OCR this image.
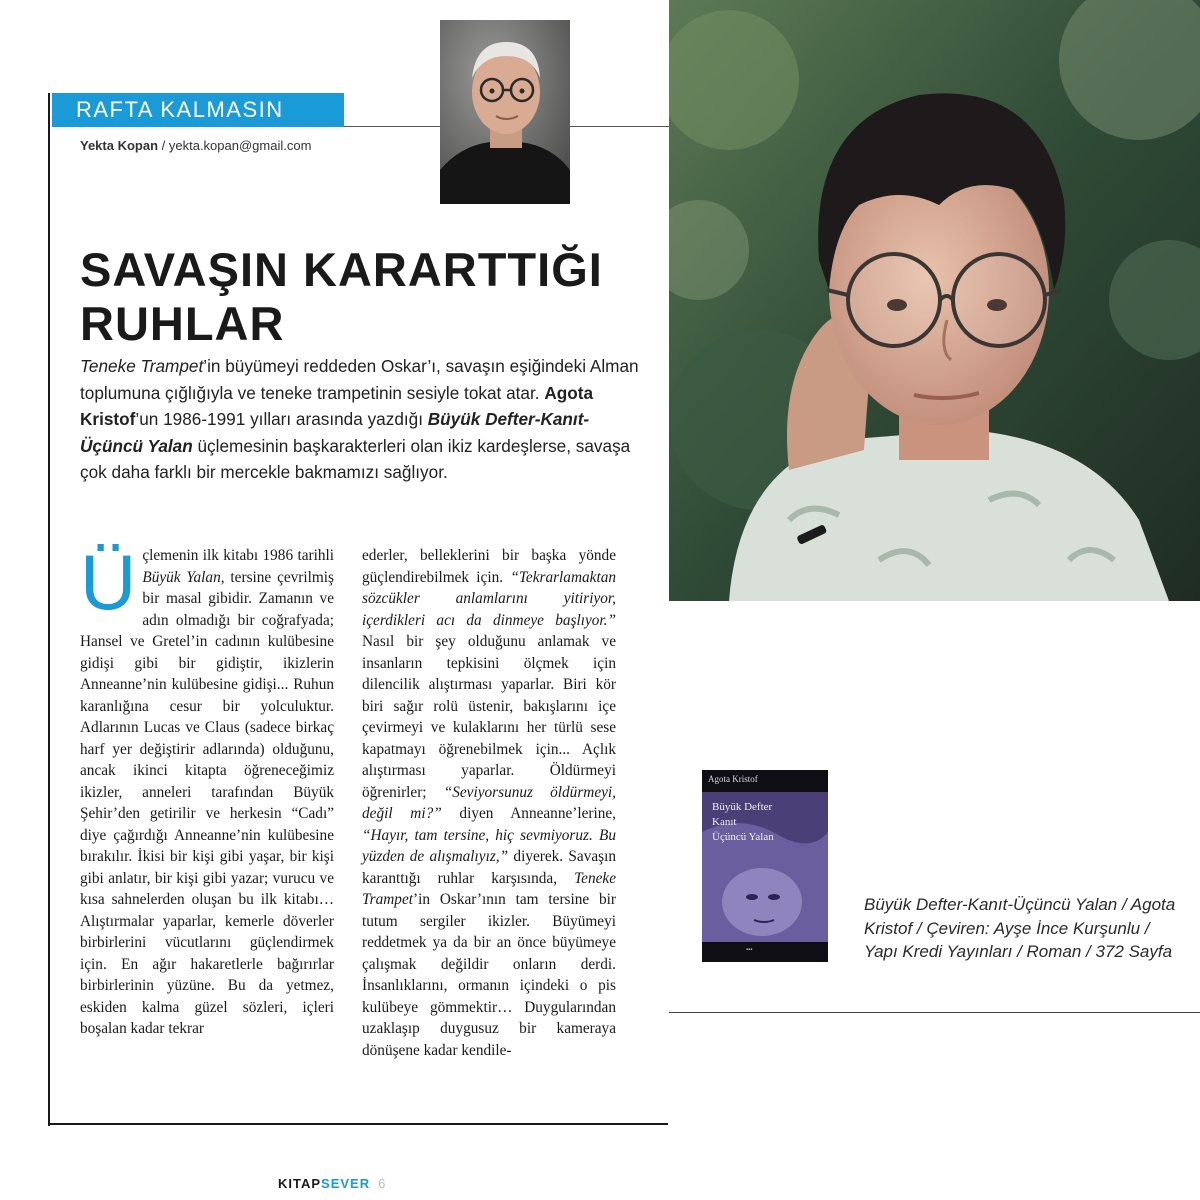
RAFTA KALMASIN
Yekta Kopan / yekta.kopan@gmail.com
SAVAŞIN KARARTTIĞI
RUHLAR
Teneke Trampet’in büyümeyi reddeden Oskar’ı, savaşın eşiğindeki Alman toplumuna çığlığıyla ve teneke trampetinin sesiyle tokat atar. Agota Kristof’un 1986-1991 yılları arasında yazdığı Büyük Defter-Kanıt-Üçüncü Yalan üçlemesinin başkarakterleri olan ikiz kardeşlerse, savaşa çok daha farklı bir mercekle bakmamızı sağlıyor.
Üçlemenin ilk kitabı 1986 tarihli Büyük Yalan, tersine çevrilmiş bir masal gibidir. Zamanın ve adın olmadığı bir coğrafyada; Hansel ve Gretel’in cadının kulübesine gidişi gibi bir gidiştir, ikizlerin Anneanne’nin kulübesine gidişi... Ruhun karanlığına cesur bir yolculuktur. Adlarının Lucas ve Claus (sadece birkaç harf yer değiştirir adlarında) olduğunu, ancak ikinci kitapta öğreneceğimiz ikizler, anneleri tarafından Büyük Şehir’den getirilir ve herkesin “Cadı” diye çağırdığı Anneanne’nin kulübesine bırakılır. İkisi bir kişi gibi yaşar, bir kişi gibi anlatır, bir kişi gibi yazar; vurucu ve kısa sahnelerden oluşan bu ilk kitabı… Alıştırmalar yaparlar, kemerle döverler birbirlerini vücutlarını güçlendirmek için. En ağır hakaretlerle bağırırlar birbirlerinin yüzüne. Bu da yetmez, eskiden kalma güzel sözleri, içleri boşalan kadar tekrar
ederler, belleklerini bir başka yönde güçlendirebilmek için. “Tekrarlamaktan sözcükler anlamlarını yitiriyor, içerdikleri acı da dinmeye başlıyor.” Nasıl bir şey olduğunu anlamak ve insanların tepkisini ölçmek için dilencilik alıştırması yaparlar. Biri kör biri sağır rolü üstenir, bakışlarını içe çevirmeyi ve kulaklarını her türlü sese kapatmayı öğrenebilmek için... Açlık alıştırması yaparlar. Öldürmeyi öğrenirler; “Seviyorsunuz öldürmeyi, değil mi?” diyen Anneanne’lerine, “Hayır, tam tersine, hiç sevmiyoruz. Bu yüzden de alışmalıyız,” diyerek. Savaşın karanttığı ruhlar karşısında, Teneke Trampet’in Oskar’ının tam tersine bir tutum sergiler ikizler. Büyümeyi reddetmek ya da bir an önce büyümeye çalışmak değildir onların derdi. İnsanlıklarını, ormanın içindeki o pis kulübeye gömmektir… Duygularından uzaklaşıp duygusuz bir kameraya dönüşene kadar kendile-
Agota Kristof
Büyük Defter
Kanıt
Üçüncü Yalan
▪▪▪
Büyük Defter-Kanıt-Üçüncü Yalan / Agota Kristof / Çeviren: Ayşe İnce Kurşunlu / Yapı Kredi Yayınları / Roman / 372 Sayfa
KITAPSEVER 6
